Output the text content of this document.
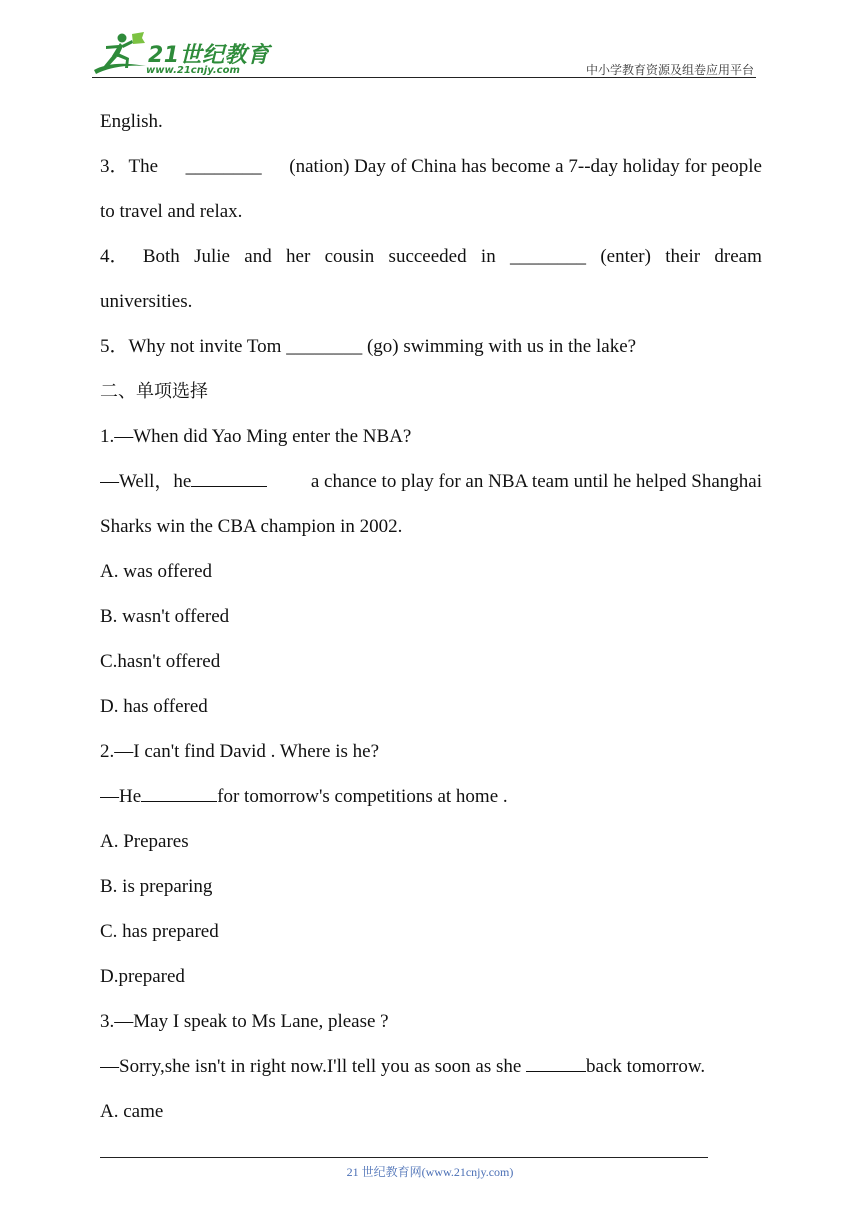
21世纪教育
www.21cnjy.com	中小学教育资源及组卷应用平台
English.
3．The ________ (nation) Day of China has become a 7--day holiday for people
to travel and relax.
4． Both Julie and her cousin succeeded in ________ (enter) their dream
universities.
5．Why not invite Tom ________ (go) swimming with us in the lake?
二、单项选择
1.—When did Yao Ming enter the NBA?
—Well，he	a chance to play for an NBA team until he helped Shanghai
Sharks win the CBA champion in 2002.
A. was offered
B. wasn't offered
C.hasn't offered
D. has offered
2.—I can't find David . Where is he?
—He	for tomorrow's competitions at home .
A. Prepares
B. is preparing
C. has prepared
D.prepared
3.—May I speak to Ms Lane, please ?
—Sorry,she isn't in right now.I'll tell you as soon as she	back tomorrow.
A. came
21 世纪教育网(www.21cnjy.com)
